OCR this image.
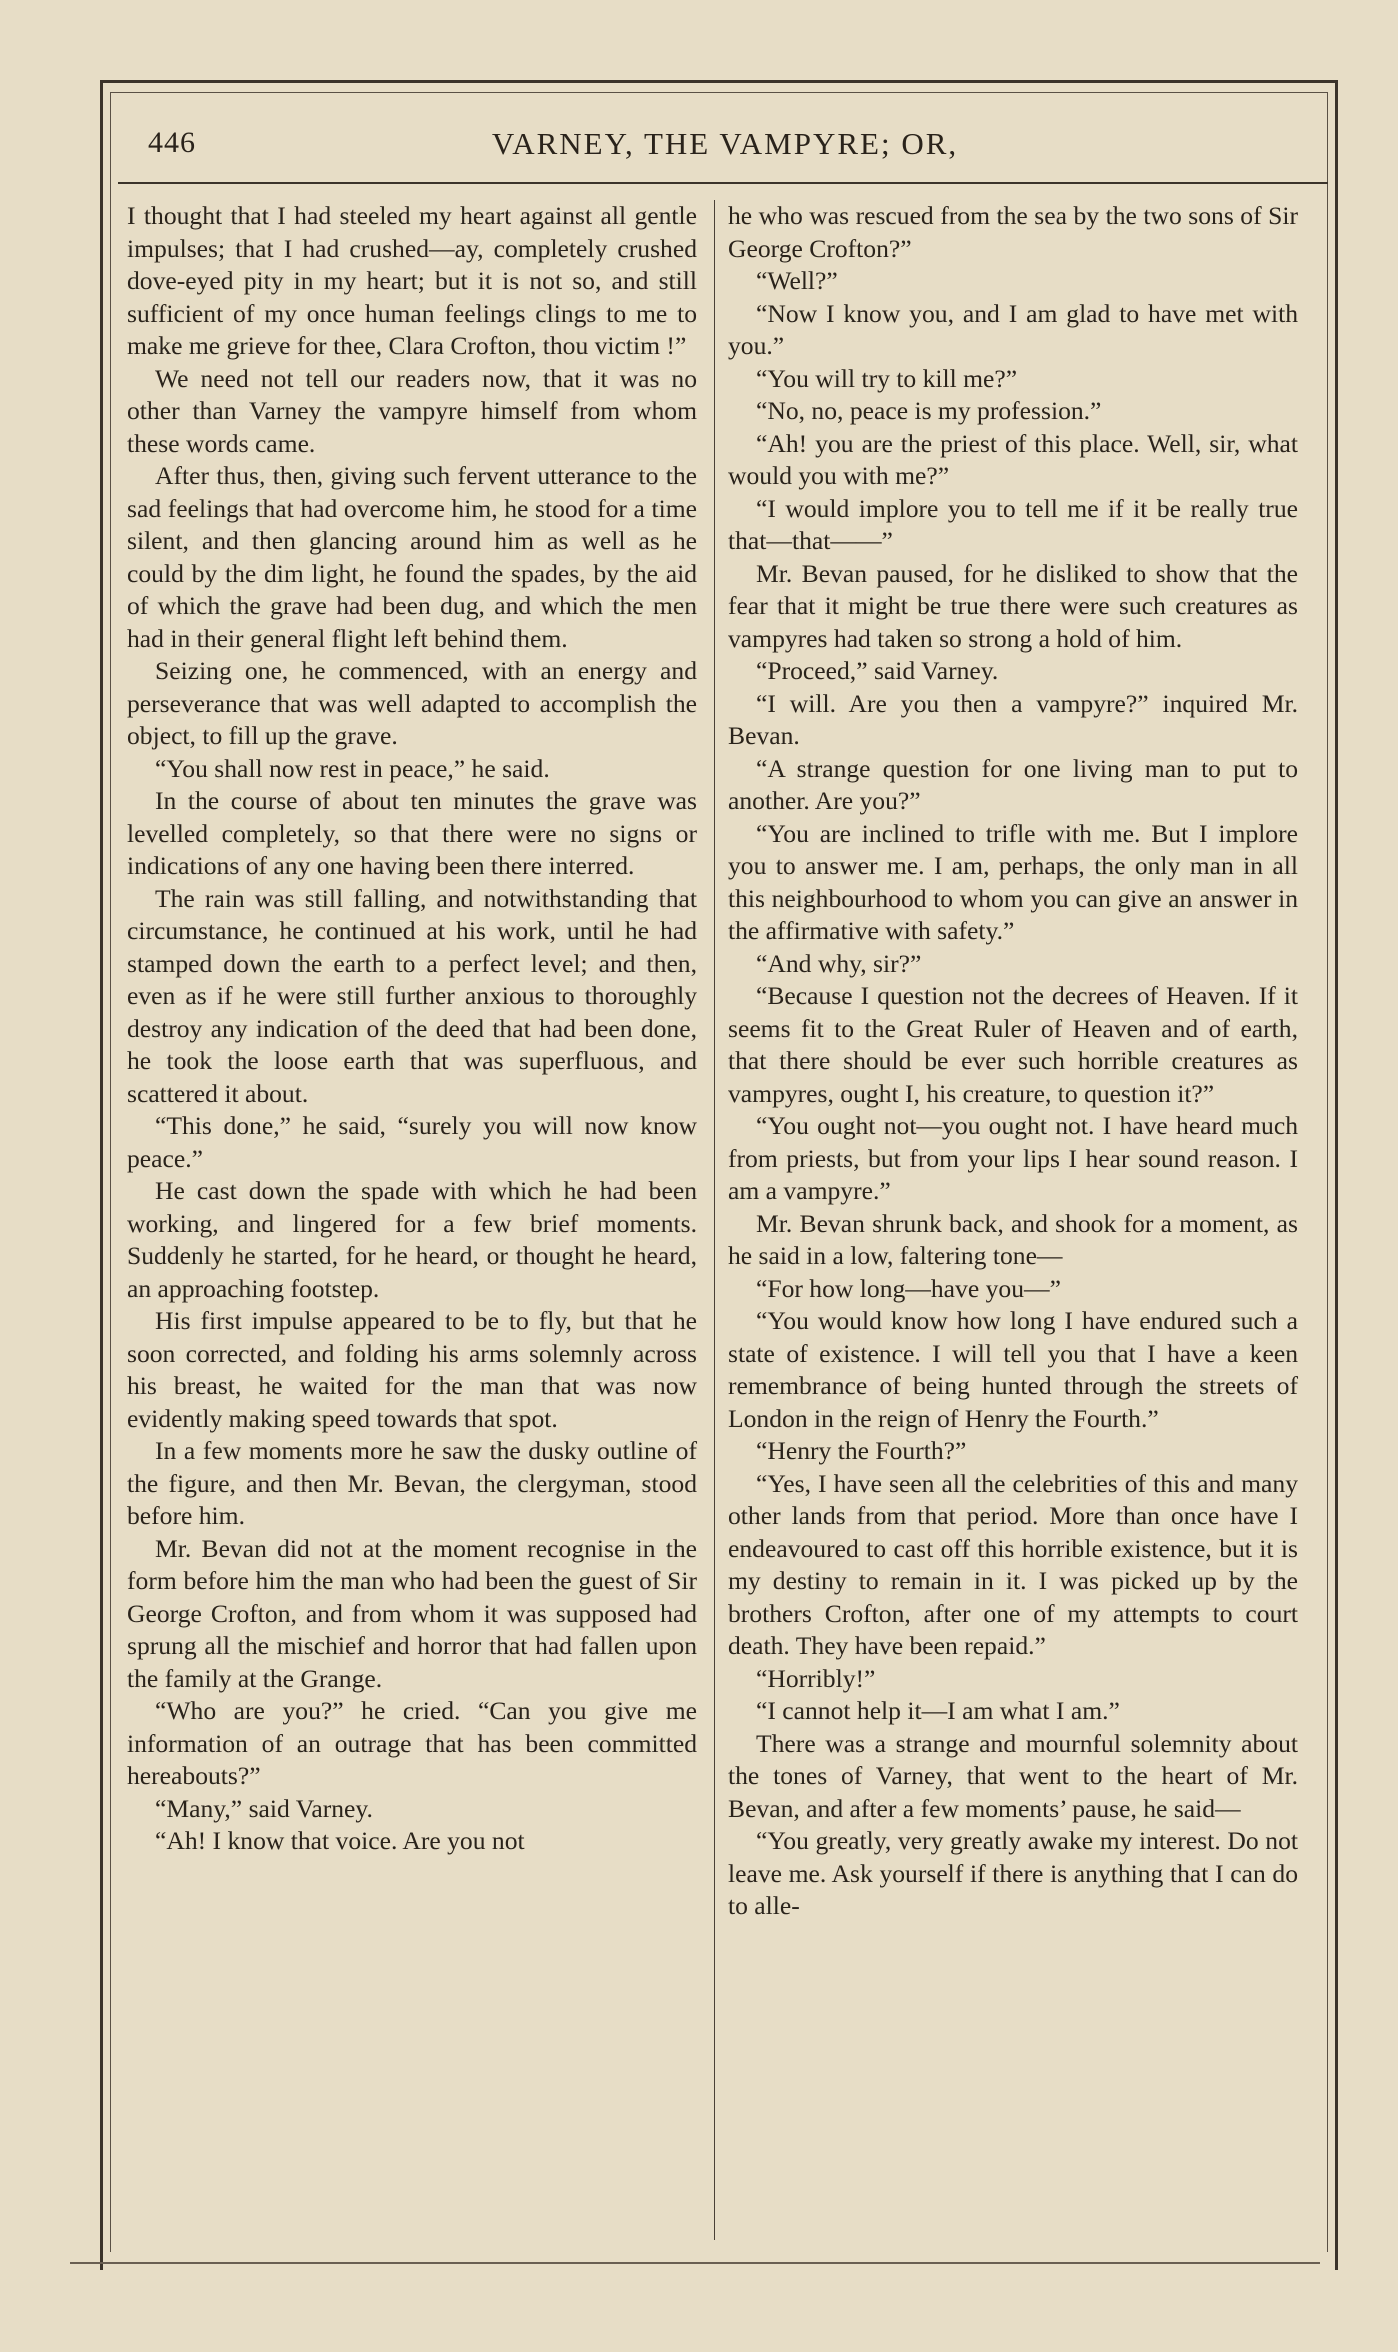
446	VARNEY, THE VAMPYRE; OR,

I thought that I had steeled my heart against all gentle impulses; that I had crushed—ay, completely crushed dove-eyed pity in my heart; but it is not so, and still sufficient of my once human feelings clings to me to make me grieve for thee, Clara Crofton, thou victim !”

We need not tell our readers now, that it was no other than Varney the vampyre himself from whom these words came.

After thus, then, giving such fervent utterance to the sad feelings that had overcome him, he stood for a time silent, and then glancing around him as well as he could by the dim light, he found the spades, by the aid of which the grave had been dug, and which the men had in their general flight left behind them.

Seizing one, he commenced, with an energy and perseverance that was well adapted to accomplish the object, to fill up the grave.

“You shall now rest in peace,” he said.

In the course of about ten minutes the grave was levelled completely, so that there were no signs or indications of any one having been there interred.

The rain was still falling, and notwithstanding that circumstance, he continued at his work, until he had stamped down the earth to a perfect level; and then, even as if he were still further anxious to thoroughly destroy any indication of the deed that had been done, he took the loose earth that was superfluous, and scattered it about.

“This done,” he said, “surely you will now know peace.”

He cast down the spade with which he had been working, and lingered for a few brief moments. Suddenly he started, for he heard, or thought he heard, an approaching footstep.

His first impulse appeared to be to fly, but that he soon corrected, and folding his arms solemnly across his breast, he waited for the man that was now evidently making speed towards that spot.

In a few moments more he saw the dusky outline of the figure, and then Mr. Bevan, the clergyman, stood before him.

Mr. Bevan did not at the moment recognise in the form before him the man who had been the guest of Sir George Crofton, and from whom it was supposed had sprung all the mischief and horror that had fallen upon the family at the Grange.

“Who are you?” he cried. “Can you give me information of an outrage that has been committed hereabouts?”

“Many,” said Varney.

“Ah! I know that voice. Are you not

he who was rescued from the sea by the two sons of Sir George Crofton?”

“Well?”

“Now I know you, and I am glad to have met with you.”

“You will try to kill me?”

“No, no, peace is my profession.”

“Ah! you are the priest of this place. Well, sir, what would you with me?”

“I would implore you to tell me if it be really true that—that——”

Mr. Bevan paused, for he disliked to show that the fear that it might be true there were such creatures as vampyres had taken so strong a hold of him.

“Proceed,” said Varney.

“I will. Are you then a vampyre?” inquired Mr. Bevan.

“A strange question for one living man to put to another. Are you?”

“You are inclined to trifle with me. But I implore you to answer me. I am, perhaps, the only man in all this neighbourhood to whom you can give an answer in the affirmative with safety.”

“And why, sir?”

“Because I question not the decrees of Heaven. If it seems fit to the Great Ruler of Heaven and of earth, that there should be ever such horrible creatures as vampyres, ought I, his creature, to question it?”

“You ought not—you ought not. I have heard much from priests, but from your lips I hear sound reason. I am a vampyre.”

Mr. Bevan shrunk back, and shook for a moment, as he said in a low, faltering tone—

“For how long—have you—”

“You would know how long I have endured such a state of existence. I will tell you that I have a keen remembrance of being hunted through the streets of London in the reign of Henry the Fourth.”

“Henry the Fourth?”

“Yes, I have seen all the celebrities of this and many other lands from that period. More than once have I endeavoured to cast off this horrible existence, but it is my destiny to remain in it. I was picked up by the brothers Crofton, after one of my attempts to court death. They have been repaid.”

“Horribly!”

“I cannot help it—I am what I am.”

There was a strange and mournful solemnity about the tones of Varney, that went to the heart of Mr. Bevan, and after a few moments’ pause, he said—

“You greatly, very greatly awake my interest. Do not leave me. Ask yourself if there is anything that I can do to alle-
